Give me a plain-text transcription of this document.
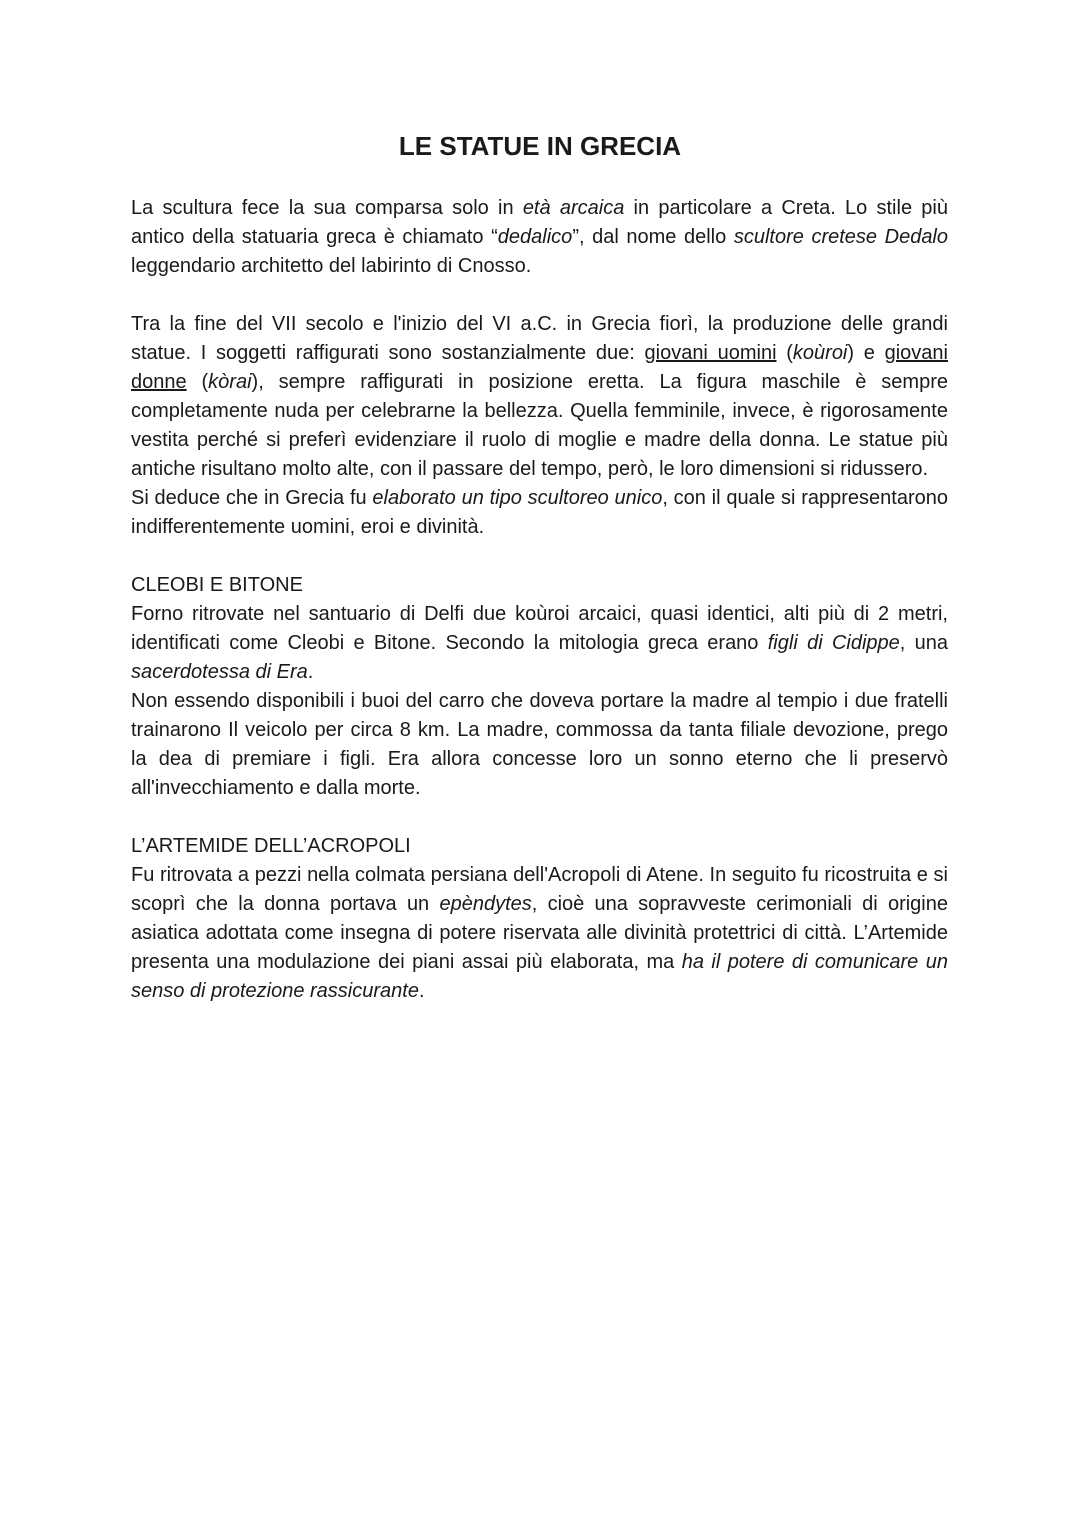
LE STATUE IN GRECIA

La scultura fece la sua comparsa solo in età arcaica in particolare a Creta. Lo stile più antico della statuaria greca è chiamato “dedalico”, dal nome dello scultore cretese Dedalo leggendario architetto del labirinto di Cnosso.

Tra la fine del VII secolo e l'inizio del VI a.C. in Grecia fiorì, la produzione delle grandi statue. I soggetti raffigurati sono sostanzialmente due: giovani uomini (koùroi) e giovani donne (kòrai), sempre raffigurati in posizione eretta. La figura maschile è sempre completamente nuda per celebrarne la bellezza. Quella femminile, invece, è rigorosamente vestita perché si preferì evidenziare il ruolo di moglie e madre della donna. Le statue più antiche risultano molto alte, con il passare del tempo, però, le loro dimensioni si ridussero.

Si deduce che in Grecia fu elaborato un tipo scultoreo unico, con il quale si rappresentarono indifferentemente uomini, eroi e divinità.

CLEOBI E BITONE

Forno ritrovate nel santuario di Delfi due koùroi arcaici, quasi identici, alti più di 2 metri, identificati come Cleobi e Bitone. Secondo la mitologia greca erano figli di Cidippe, una sacerdotessa di Era.

Non essendo disponibili i buoi del carro che doveva portare la madre al tempio i due fratelli trainarono Il veicolo per circa 8 km. La madre, commossa da tanta filiale devozione, prego la dea di premiare i figli. Era allora concesse loro un sonno eterno che li preservò all'invecchiamento e dalla morte.

L’ARTEMIDE DELL’ACROPOLI

Fu ritrovata a pezzi nella colmata persiana dell'Acropoli di Atene. In seguito fu ricostruita e si scoprì che la donna portava un epèndytes, cioè una sopravveste cerimoniali di origine asiatica adottata come insegna di potere riservata alle divinità protettrici di città. L’Artemide presenta una modulazione dei piani assai più elaborata, ma ha il potere di comunicare un senso di protezione rassicurante.
